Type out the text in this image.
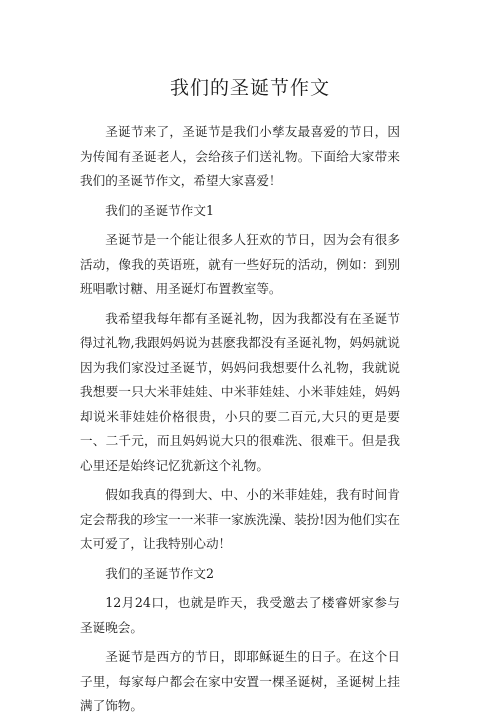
我们的圣诞节作文

圣诞节来了，圣诞节是我们小孳友最喜爱的节日，因为传闻有圣诞老人，会给孩子们送礼物。下面给大家带来我们的圣诞节作文，希望大家喜爱！

我们的圣诞节作文1

圣诞节是一个能让很多人狂欢的节日，因为会有很多活动，像我的英语班，就有一些好玩的活动，例如：到别班唱歌讨糖、用圣诞灯布置教室等。

我希望我每年都有圣诞礼物，因为我都没有在圣诞节得过礼物,我跟妈妈说为甚麽我都没有圣诞礼物，妈妈就说因为我们家没过圣诞节，妈妈问我想要什么礼物，我就说我想要一只大米菲娃娃、中米菲娃娃、小米菲娃娃，妈妈却说米菲娃娃价格很贵，小只的要二百元,大只的更是要一、二千元，而且妈妈说大只的很难洗、很难干。但是我心里还是始终记忆犹新这个礼物。

假如我真的得到大、中、小的米菲娃娃，我有时间肯定会帮我的珍宝一一米菲一家族洗澡、装扮!因为他们实在太可爱了，让我特别心动！

我们的圣诞节作文2

12月24口，也就是昨天，我受邀去了楼睿妍家参与圣诞晚会。

圣诞节是西方的节日，即耶稣诞生的日子。在这个日子里，每家每户都会在家中安置一棵圣诞树，圣诞树上挂满了饰物。
